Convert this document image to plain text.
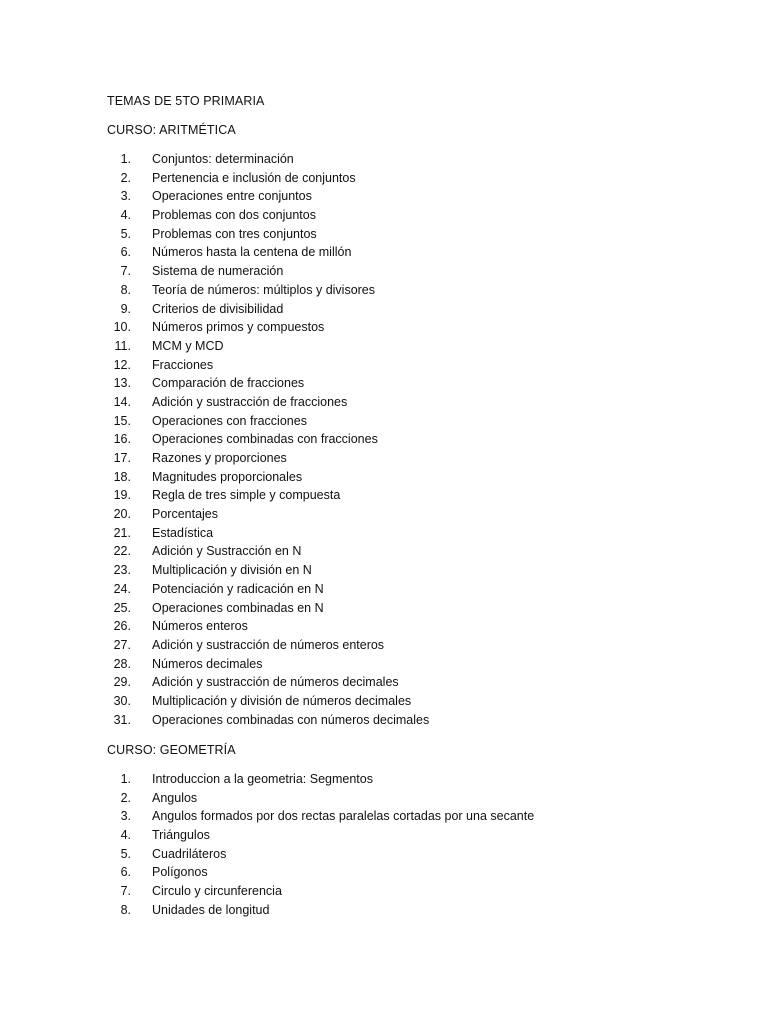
TEMAS DE 5TO PRIMARIA
CURSO: ARITMÉTICA
1 .	Conjuntos: determinación
2 .	Pertenencia e inclusión de conjuntos
3 .	Operaciones entre conjuntos
4 .	Problemas con dos conjuntos
5 .	Problemas con tres conjuntos
6 .	Números hasta la centena de millón
7 .	Sistema de numeración
8 .	Teoría de números: múltiplos y divisores
9 .	Criterios de divisibilidad
10 .	Números primos y compuestos
11 .	MCM y MCD
12 .	Fracciones
13 .	Comparación de fracciones
14 .	Adición y sustracción de fracciones
15 .	Operaciones con fracciones
16 .	Operaciones combinadas con fracciones
17 .	Razones y proporciones
18 .	Magnitudes proporcionales
19 .	Regla de tres simple y compuesta
20 .	Porcentajes
21 .	Estadística
22 .	Adición y Sustracción en N
23 .	Multiplicación y división en N
24 .	Potenciación y radicación en N
25 .	Operaciones combinadas en N
26 .	Números enteros
27 .	Adición y sustracción de números enteros
28 .	Números decimales
29 .	Adición y sustracción de números decimales
30 .	Multiplicación y división de números decimales
31 .	Operaciones combinadas con números decimales
CURSO: GEOMETRÍA
1 .	Introduccion a la geometria: Segmentos
2 .	Angulos
3 .	Angulos formados por dos rectas paralelas cortadas por una secante
4 .	Triángulos
5 .	Cuadriláteros
6 .	Polígonos
7 .	Circulo y circunferencia
8 .	Unidades de longitud
